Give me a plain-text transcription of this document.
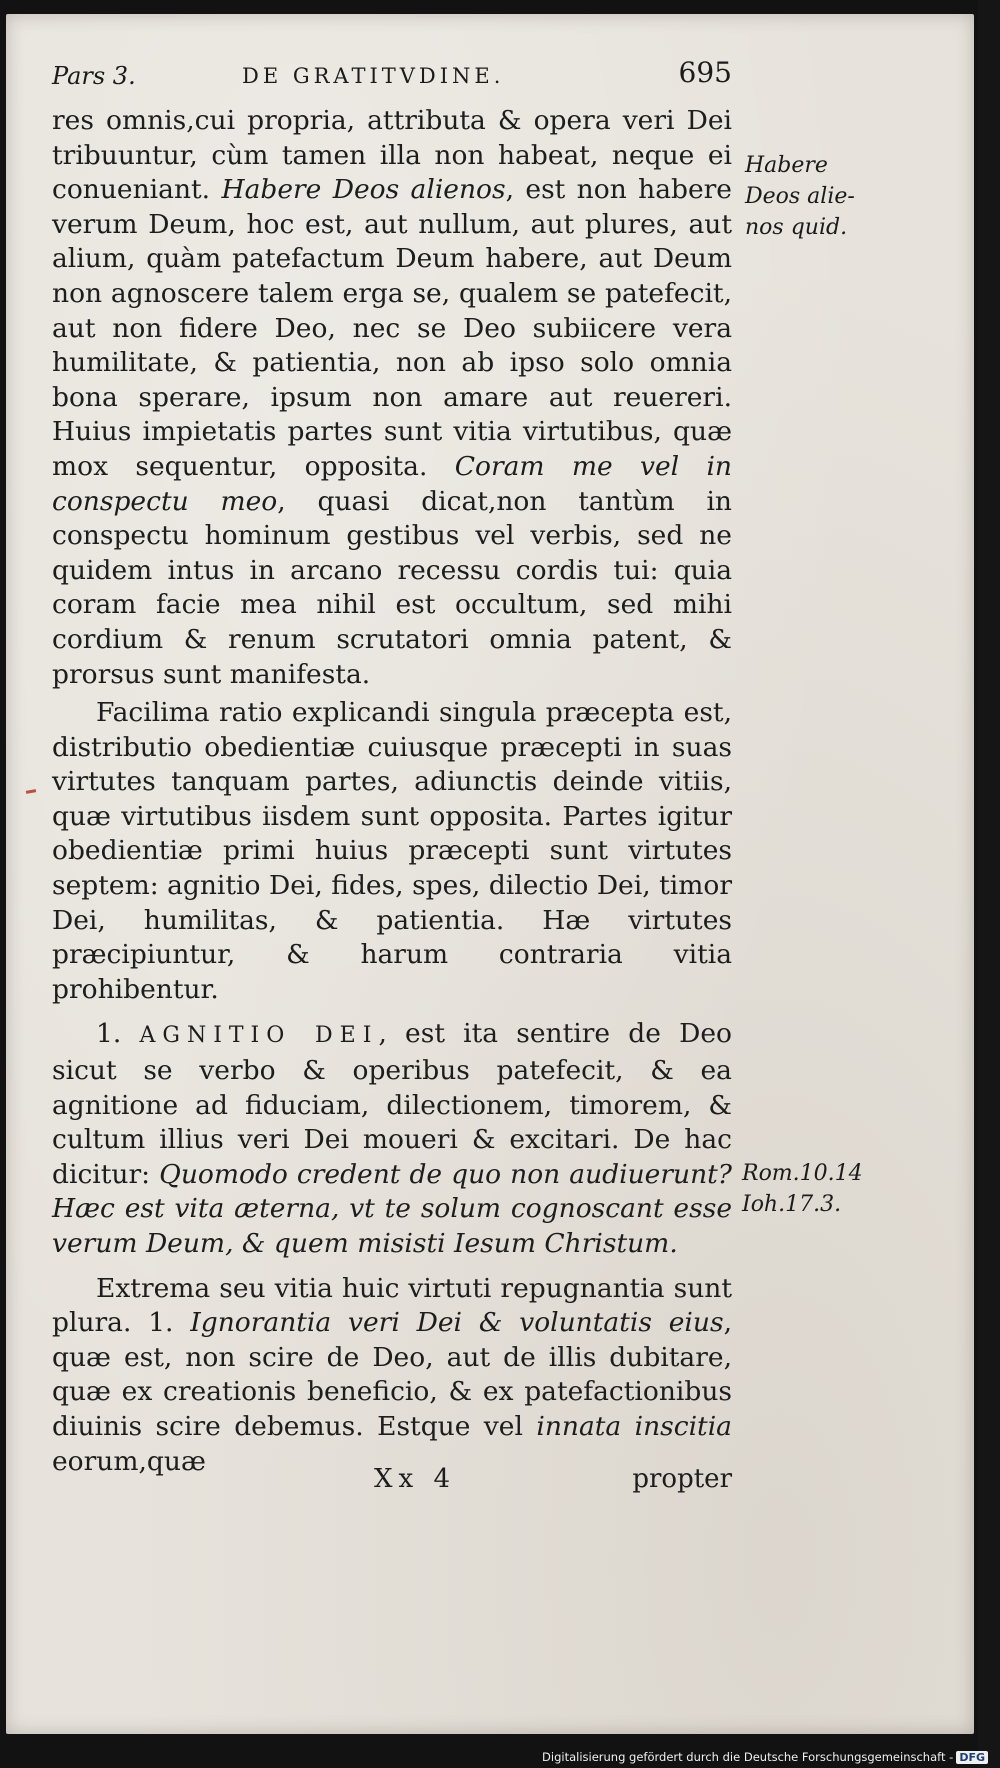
Pars 3.	DE GRATITVDINE.	695

res omnis,cui propria, attributa & opera veri Dei tribuuntur, cùm tamen illa non habeat, neque ei conueniant. Habere Deos alienos, est non habere verum Deum, hoc est, aut nullum, aut plures, aut alium, quàm patefactum Deum habere, aut Deum non agnoscere talem erga se, qualem se patefecit, aut non fidere Deo, nec se Deo subiicere vera humilitate, & patientia, non ab ipso solo omnia bona sperare, ipsum non amare aut reuereri. Huius impietatis partes sunt vitia virtutibus, quæ mox sequentur, opposita. Coram me vel in conspectu meo, quasi dicat,non tantùm in conspectu hominum gestibus vel verbis, sed ne quidem intus in arcano recessu cordis tui: quia coram facie mea nihil est occultum, sed mihi cordium & renum scrutatori omnia patent, & prorsus sunt manifesta.

Facilima ratio explicandi singula præcepta est, distributio obedientiæ cuiusque præcepti in suas virtutes tanquam partes, adiunctis deinde vitiis, quæ virtutibus iisdem sunt opposita. Partes igitur obedientiæ primi huius præcepti sunt virtutes septem: agnitio Dei, fides, spes, dilectio Dei, timor Dei, humilitas, & patientia. Hæ virtutes præcipiuntur, & harum contraria vitia prohibentur.

1. AGNITIO DEI, est ita sentire de Deo sicut se verbo & operibus patefecit, & ea agnitione ad fiduciam, dilectionem, timorem, & cultum illius veri Dei moueri & excitari. De hac dicitur: Quomodo credent de quo non audiuerunt? Hæc est vita æterna, vt te solum cognoscant esse verum Deum, & quem misisti Iesum Christum.

Extrema seu vitia huic virtuti repugnantia sunt plura. 1. Ignorantia veri Dei & voluntatis eius, quæ est, non scire de Deo, aut de illis dubitare, quæ ex creationis beneficio, & ex patefactionibus diuinis scire debemus. Estque vel innata inscitia eorum,quæ

Habere
Deos alie-
nos quid.
Rom.10.14
Ioh.17.3.
Xx 4	propter
Digitalisierung gefördert durch die Deutsche Forschungsgemeinschaft - DFG
